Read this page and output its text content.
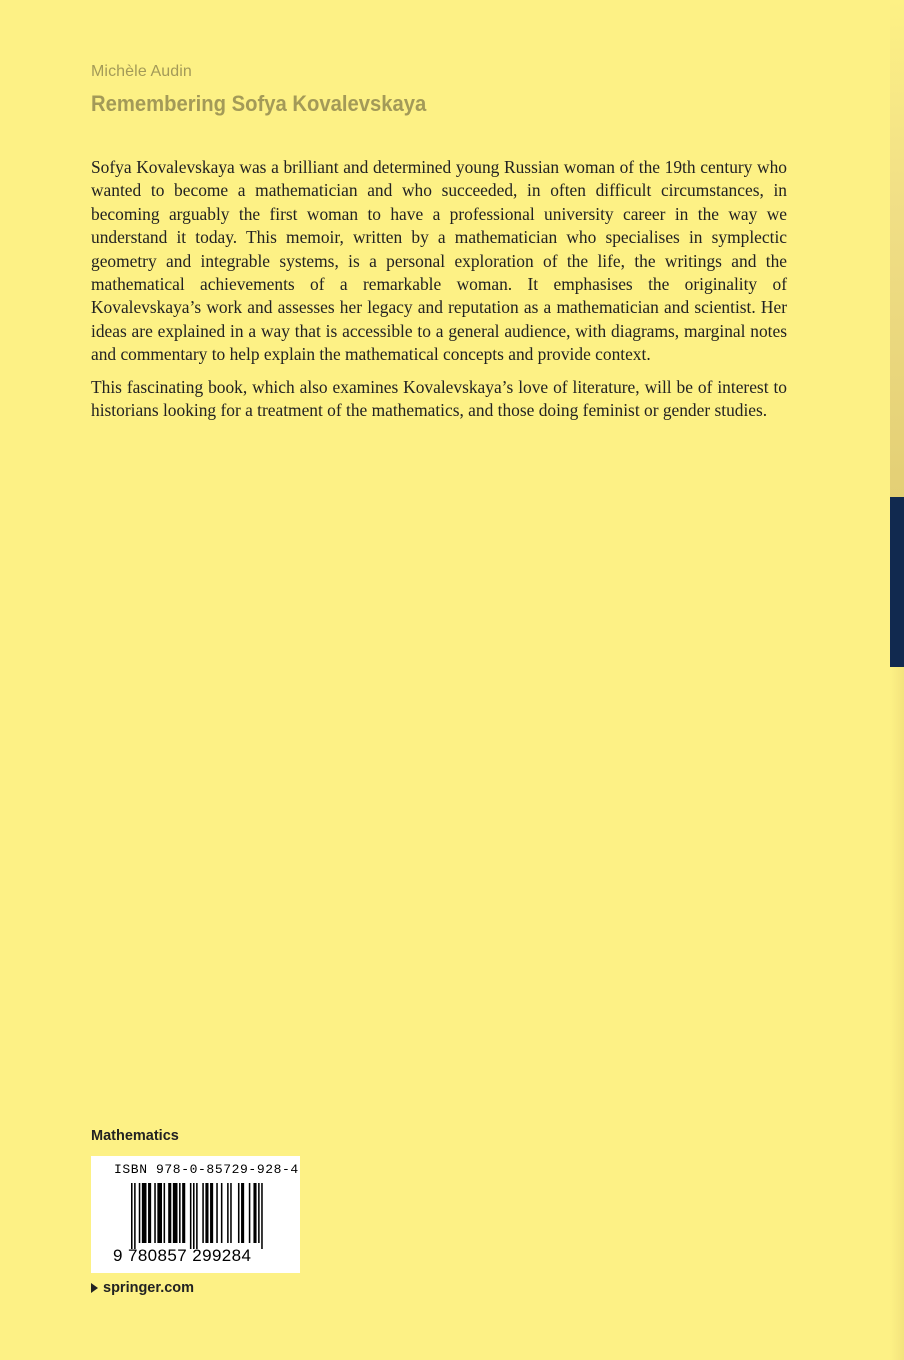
Michèle Audin
Remembering Sofya Kovalevskaya

Sofya Kovalevskaya was a brilliant and determined young Russian woman of the 19th century who wanted to become a mathematician and who succeeded, in often difficult circumstances, in becoming arguably the first woman to have a professional university career in the way we understand it today. This memoir, written by a mathematician who specialises in symplectic geometry and integrable systems, is a personal exploration of the life, the writings and the mathematical achievements of a remarkable woman. It emphasises the originality of Kovalevskaya’s work and assesses her legacy and reputation as a mathematician and scientist. Her ideas are explained in a way that is accessible to a general audience, with diagrams, marginal notes and commentary to help explain the mathematical concepts and provide context.

This fascinating book, which also examines Kovalevskaya’s love of literature, will be of interest to historians looking for a treatment of the mathematics, and those doing feminist or gender studies.

Mathematics
ISBN 978-0-85729-928-4
9 780857 299284
springer.com
